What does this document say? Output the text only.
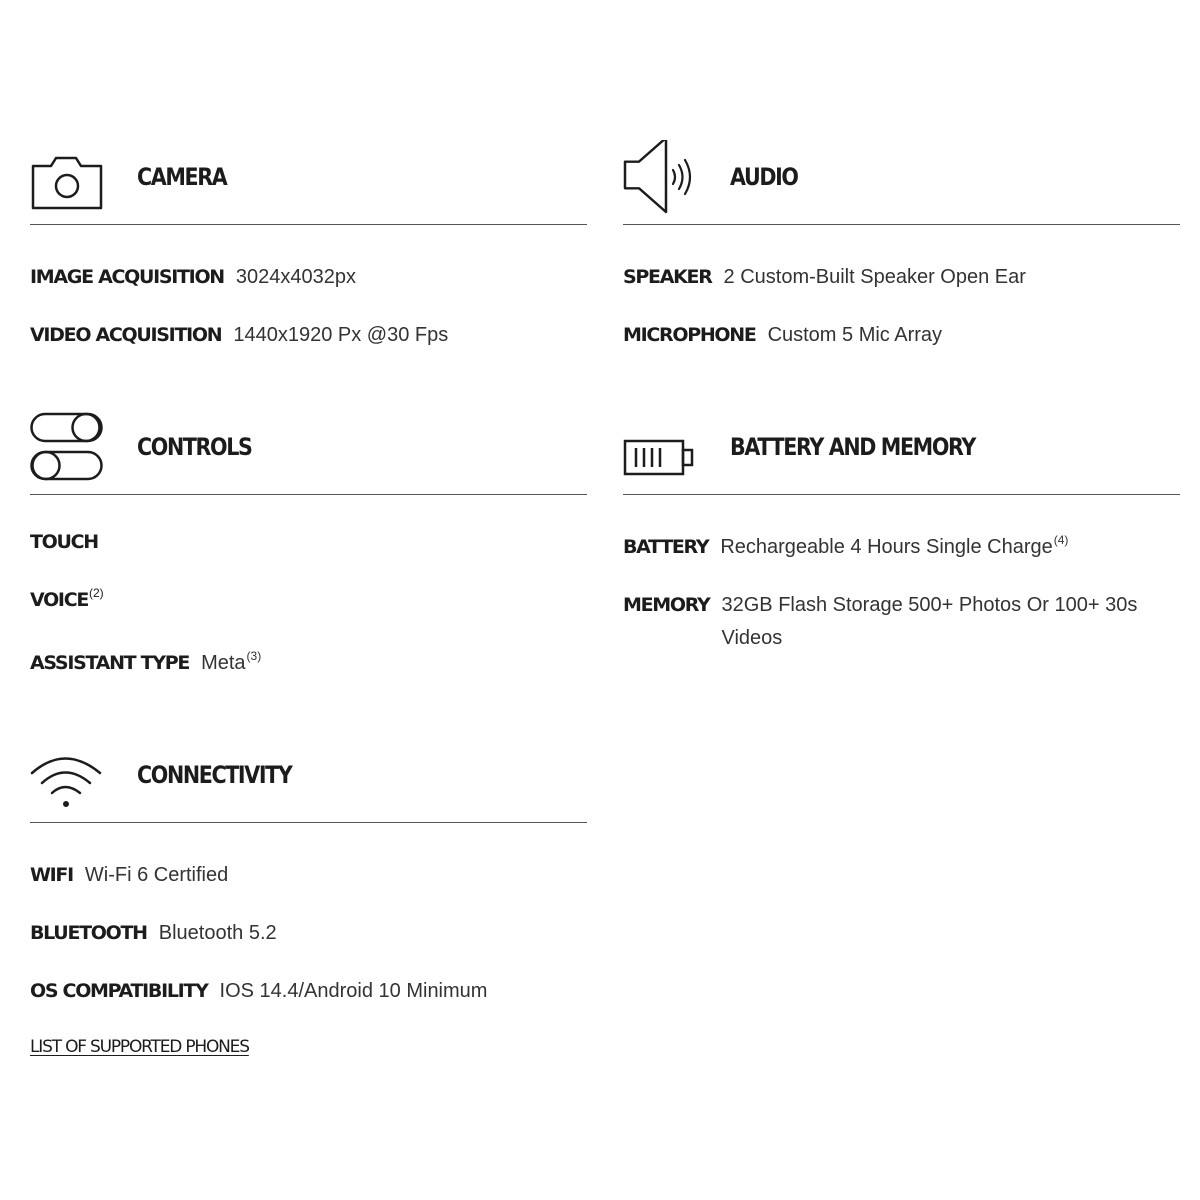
CAMERA
IMAGE ACQUISITION 3024x4032px
VIDEO ACQUISITION 1440x1920 Px @30 Fps
AUDIO
SPEAKER 2 Custom-Built Speaker Open Ear
MICROPHONE Custom 5 Mic Array
CONTROLS
TOUCH
VOICE$^{(2)}$
ASSISTANT TYPE Meta$^{(3)}$
BATTERY AND MEMORY
BATTERY Rechargeable 4 Hours Single Charge$^{(4)}$
MEMORY 32GB Flash Storage 500+ Photos Or 100+ 30s Videos
CONNECTIVITY
WIFI Wi-Fi 6 Certified
BLUETOOTH Bluetooth 5.2
OS COMPATIBILITY IOS 14.4/Android 10 Minimum
LIST OF SUPPORTED PHONES
